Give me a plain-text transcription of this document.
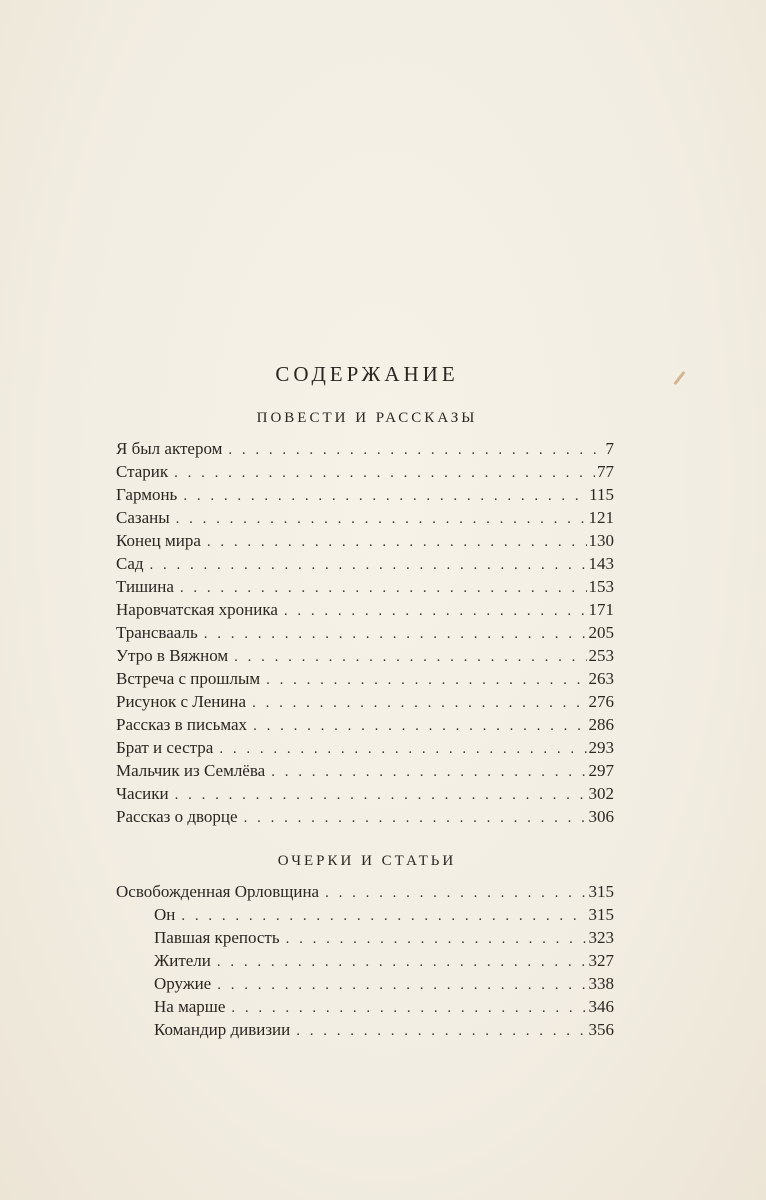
СОДЕРЖАНИЕ
ПОВЕСТИ И РАССКАЗЫ
Я был актером . . .	7
Старик . . .	77
Гармонь . . .	115
Сазаны . . .	121
Конец мира . . .	130
Сад . . .	143
Тишина . . .	153
Наровчатская хроника . . .	171
Трансвааль . . .	205
Утро в Вяжном . . .	253
Встреча с прошлым . . .	263
Рисунок с Ленина . . .	276
Рассказ в письмах . . .	286
Брат и сестра . . .	293
Мальчик из Семлёва . . .	297
Часики . . .	302
Рассказ о дворце . . .	306
ОЧЕРКИ И СТАТЬИ
Освобожденная Орловщина . . .	315
Он . . .	315
Павшая крепость . . .	323
Жители . . .	327
Оружие . . .	338
На марше . . .	346
Командир дивизии . . .	356
